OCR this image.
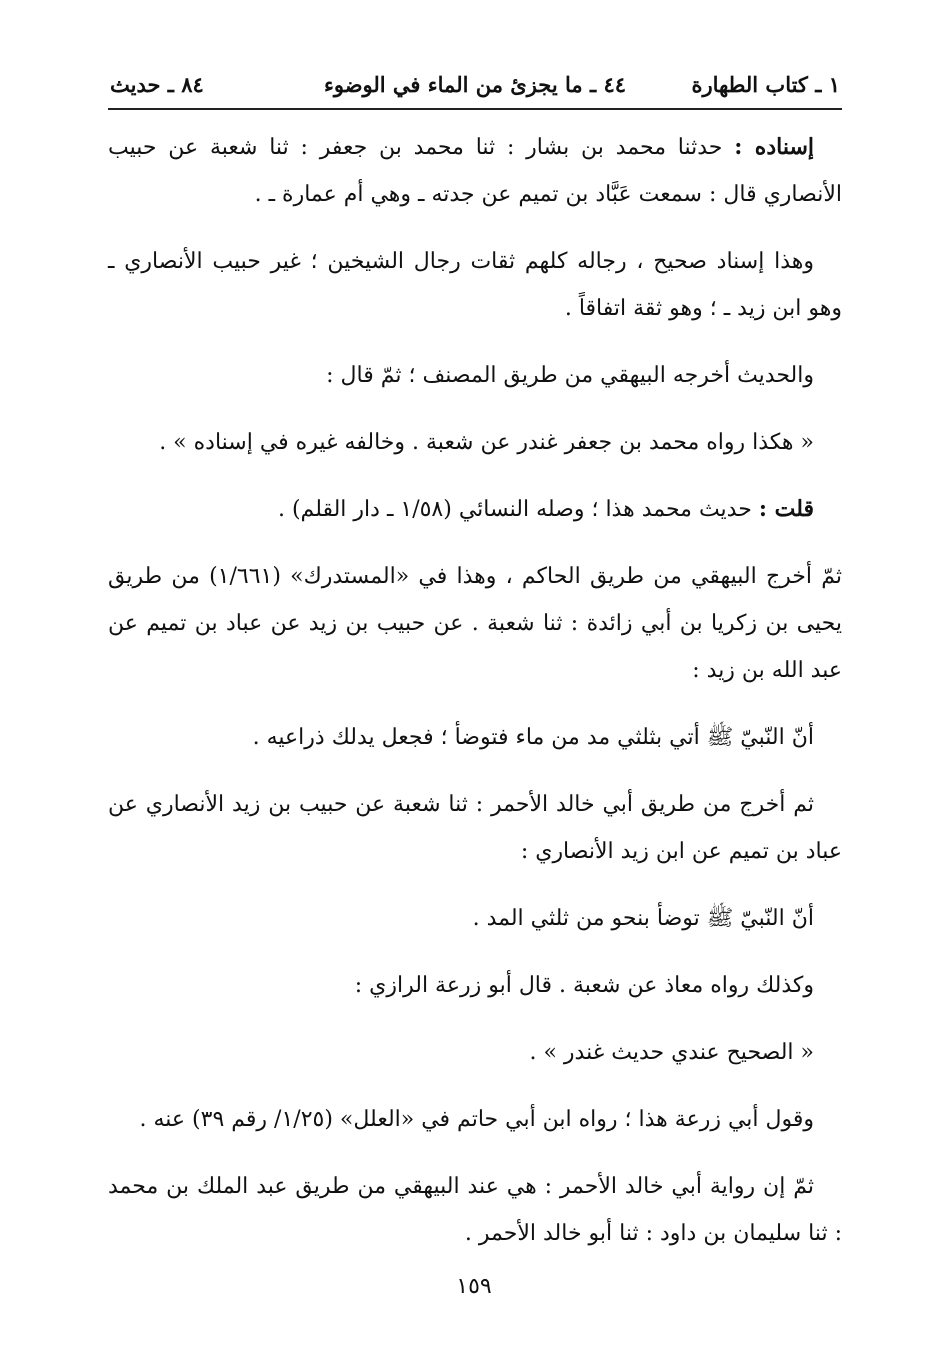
١ ـ كتاب الطهارة
٤٤ ـ ما يجزئ من الماء في الوضوء
٨٤ ـ حديث

إسناده : حدثنا محمد بن بشار : ثنا محمد بن جعفر : ثنا شعبة عن حبيب الأنصاري قال : سمعت عَبَّاد بن تميم عن جدته ـ وهي أم عمارة ـ .

وهذا إسناد صحيح ، رجاله كلهم ثقات رجال الشيخين ؛ غير حبيب الأنصاري ـ وهو ابن زيد ـ ؛ وهو ثقة اتفاقاً .

والحديث أخرجه البيهقي من طريق المصنف ؛ ثمّ قال :

« هكذا رواه محمد بن جعفر غندر عن شعبة . وخالفه غيره في إسناده » .

قلت : حديث محمد هذا ؛ وصله النسائي (١/٥٨ ـ دار القلم) .

ثمّ أخرج البيهقي من طريق الحاكم ، وهذا في «المستدرك» (١/٦٦١) من طريق يحيى بن زكريا بن أبي زائدة : ثنا شعبة . عن حبيب بن زيد عن عباد بن تميم عن عبد الله بن زيد :

أنّ النّبيّ ﷺ أتي بثلثي مد من ماء فتوضأ ؛ فجعل يدلك ذراعيه .

ثم أخرج من طريق أبي خالد الأحمر : ثنا شعبة عن حبيب بن زيد الأنصاري عن عباد بن تميم عن ابن زيد الأنصاري :

أنّ النّبيّ ﷺ توضأ بنحو من ثلثي المد .

وكذلك رواه معاذ عن شعبة . قال أبو زرعة الرازي :

« الصحيح عندي حديث غندر » .

وقول أبي زرعة هذا ؛ رواه ابن أبي حاتم في «العلل» (١/٢٥/ رقم ٣٩) عنه .

ثمّ إن رواية أبي خالد الأحمر : هي عند البيهقي من طريق عبد الملك بن محمد : ثنا سليمان بن داود : ثنا أبو خالد الأحمر .

١٥٩
